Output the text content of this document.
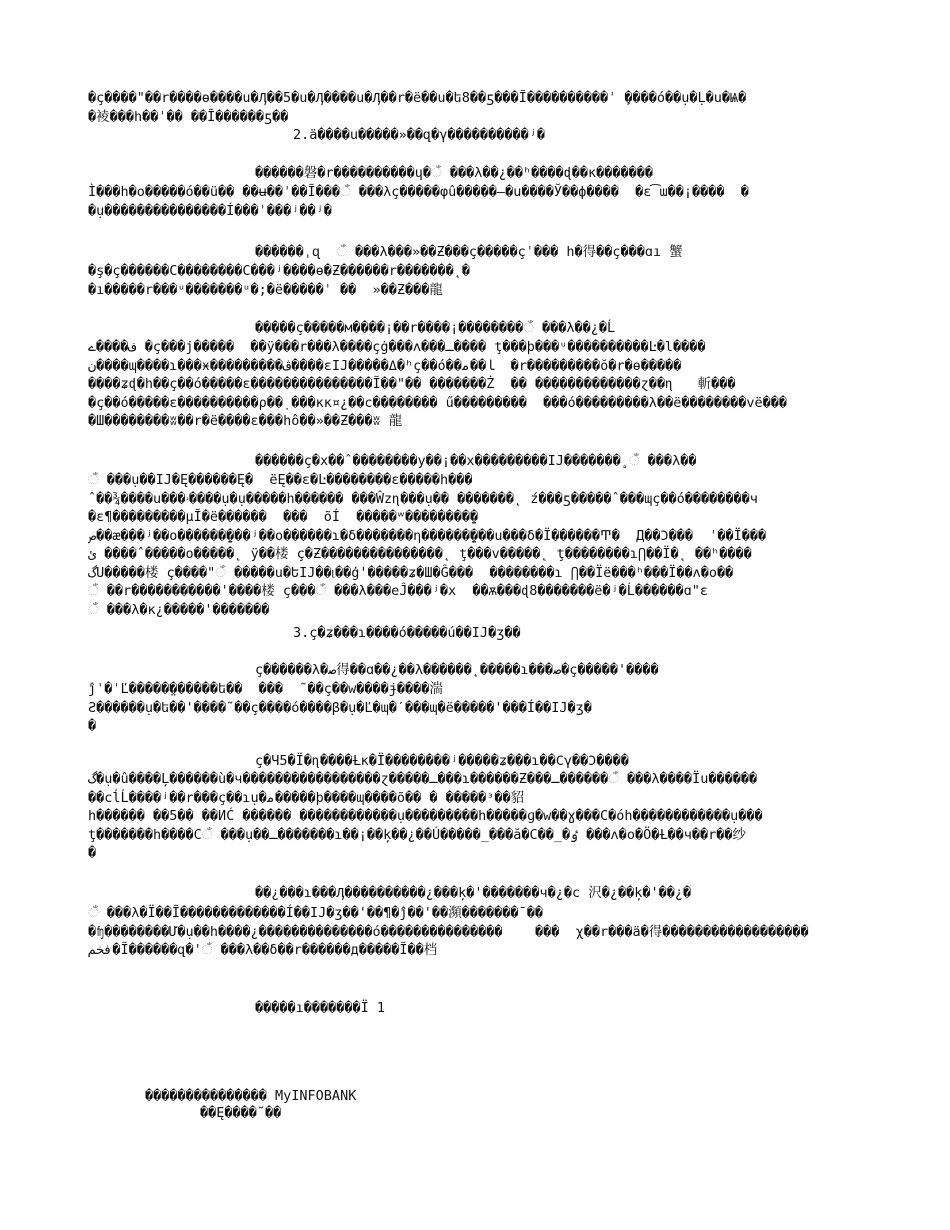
�ç����"��r����ɵ����u�Ӆ��5�u�Ӆ����u�Ӆ��r�ë��u�ե8��ƽ���Ĩ����������ˈ ̧����ó��ụ�Ḷ�u�Ѩ�
�裬���h��ˈ�� ��Ĩ������ƽ��
2.ä����u�����»��զ�γ����������ʲ�
������磐�r����������ɥ�ଁ ���λ��¿��ʰ����ɖ��ĸ�������
Ì���h�o�����ó��ü�� ��ʉ��ˈ��Ĩ���ଁ ���λç�����φû�����—�u����Ў��ф����  �ɛ͡ɯ��¡����  �
�ụ���������������Í���ˈ���ʲ��ʲ�
������ˌɋ  ଁ ���λ���»��Ƶ���ç�����çˈ��� h�得��ç���ɑı 蟹
�ş�ç������C��������C���ʲ����ɵ�Ƶ������r�������˛�
�ı�����r���ᵘ�������ᵘ�;�ë�����ˈ ��  »��Ƶ���龍
�����ç�����м����¡��r����¡��������ଁ ���λ��¿�Ĺ
ف����ے �ç���j�����  ��ÿ���r���λ����çġ���ʌ���ـ���� ţ���þ���ᵘ����������Ŀ�l����
ن����ɰ����ɿ���ӿ���������ڤ����εIJ�����Δ�ʰç��ó��ﺎ��ﻣ  �r���������ŏ�r�ɵ�����
����ʑɖ�h��ç��ó�����ɛ���������������Ĩ��"�� �������Ż  �� �������������ɀ��ɳ   斬���
�ç��ó�����ɛ����������ρ��̣ ���кк¤¿��c�������� ű���������  ���ó���������λ��ë��������vë���
�Ш��������ʬ��r�ë����ɛ���hô��»��Ƶ���ʬ 龍
������ç�x��ˆ��������y��¡��x���������IJ�������˳ଁ ���λ��
ଁ ���ụ��IJ�Ę������Ę�  ëĘ��ɛ�Ŀ��������ɛ�����h���
ˆ��¾����u���ۥ����ụ�ụ�����h������ ���Ŵzɳ���ụ�� �������˛ ź���ƽ�����ˆ���ɰç��ó��������ч
�ɛ¶���������µĨ�ë������  ���  õÍ  �����ʷ��������̤̣�
ص��æ���ʲ��o������̤̣���ʲ��o������ɿ�δ�������η������̤̣���u���δ�Ï������Ͳ�  Д��Ͻ���  ˈ��Ï���
ئ ����ˆ�����o�����˛ ÿ��楼 ç�Ƶ���������������˛ ţ���v�����˛ ţ��������ɿ⋂��Ï�˛ ��ʰ����
گU�����楼 ç����"ଁ �����u�ԵIJ��ࡵ��ģ'�����ʑ�Ш�Ĝ���  ��������ɿ ⋂��Ïë���ʰ���Ï��ʌ�o��
ଁ ��r�����������'����楼 ç���ଁ ���λ���eĴ���ʲ�x  ��ѫ���ɖ8�������ë�ʲ�Ĺ������ɑ"ɛ
ଁ ���λ�к¿�����'�������
3.ç�ʑ���ɿ����ó�����ú��IJ�ʒ��
ç������λ�ﺻ得��ɑ��¿��λ������˛�����ɿ���ﺻ�ç�����'����
ĵˈ�ˈĽ�����̤������ե��  ���  ˜��ç��w����ɉ����湍
Ƨ������ụ�ե��'����˜��ç����ó����β�ụ�Ľ�ɰ�ˊ���ɰ�ë�����'���Í��IJ�ʒ�
�
ç�Ч5�Ï�ɳ����Ƚĸ�Ï��������ʲ�����ʑ���ɿ��Ϲγ��Ͻ����
گ�ụ�û����Ļ������ù�ч�����������������ɀ�����ـ���ɿ������Ƶ���ـ������ଁ ���λ����Ïu������
��cĺĹ����ʲ��r���ç��ɿụ�ﻣ�����þ����ɰ����õ�� � �����ᵌ��貂
h������ ��5�� ��ИĆ ������ ������������ụ���������h�����ɡ�w��ɣ���C�óh������������ụ���
ţ�������h����Cଁ ���ụ��ـ�������ɿ��¡��ķ��¿��Ú�����_���ă�C��_�ٶ ���ʌ�o�Ö�Ƚ��ч��r��纱
�
��¿���ɿ���Ӆ����������¿���ķ�'�������ч�¿�c 沢�¿��ķ�'��¿�
ଁ ���λ�Ï��Ĩ�������������Í��IJ�ʒ��'��¶�ĵ��'��瀕�������ˉ��
�ʩ��������Ư�ụ��h����¿��������������ó���������������    ���  χ��r���ä�得������������������
فخم�Ĩ������զ�'ଁ ���λ��δ��r������д�����Ĩ��档
�����ı�������Ï 1
��������������� MyINFOBANK
��Ę����˜��
